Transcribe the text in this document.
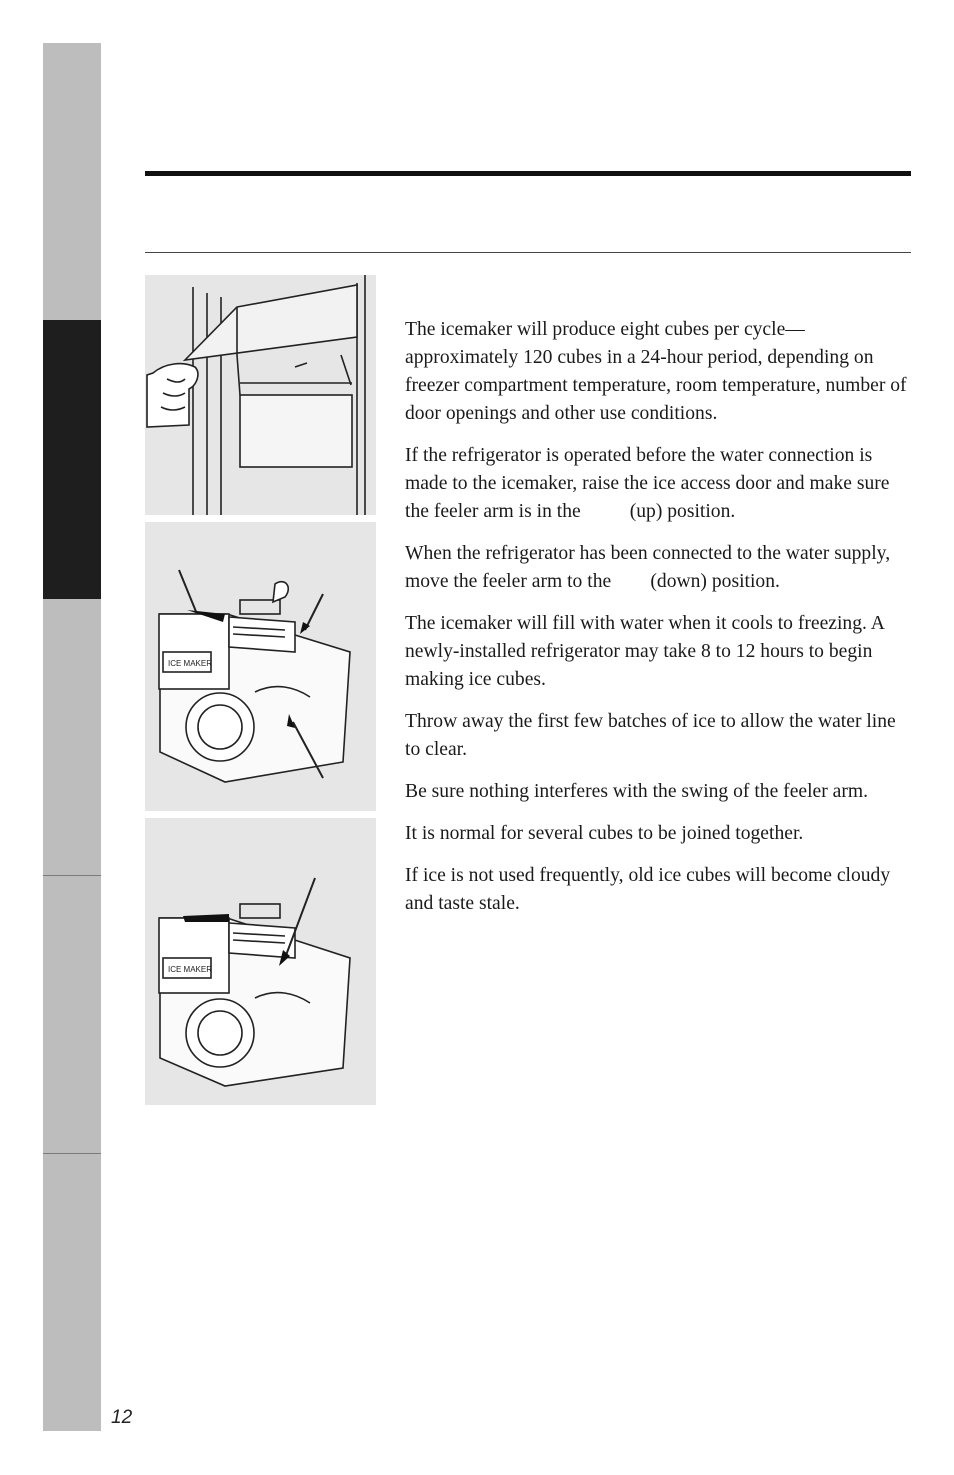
ICE MAKER
ICE MAKER

The icemaker will produce eight cubes per cycle—approximately 120 cubes in a 24-hour period, depending on freezer compartment temperature, room temperature, number of door openings and other use conditions.

If the refrigerator is operated before the water connection is made to the icemaker, raise the ice access door and make sure the feeler arm is in the          (up) position.

When the refrigerator has been connected to the water supply, move the feeler arm to the        (down) position.

The icemaker will fill with water when it cools to freezing. A newly-installed refrigerator may take 8 to 12 hours to begin making ice cubes.

Throw away the first few batches of ice to allow the water line to clear.

Be sure nothing interferes with the swing of the feeler arm.

It is normal for several cubes to be joined together.

If ice is not used frequently, old ice cubes will become cloudy and taste stale.

12
